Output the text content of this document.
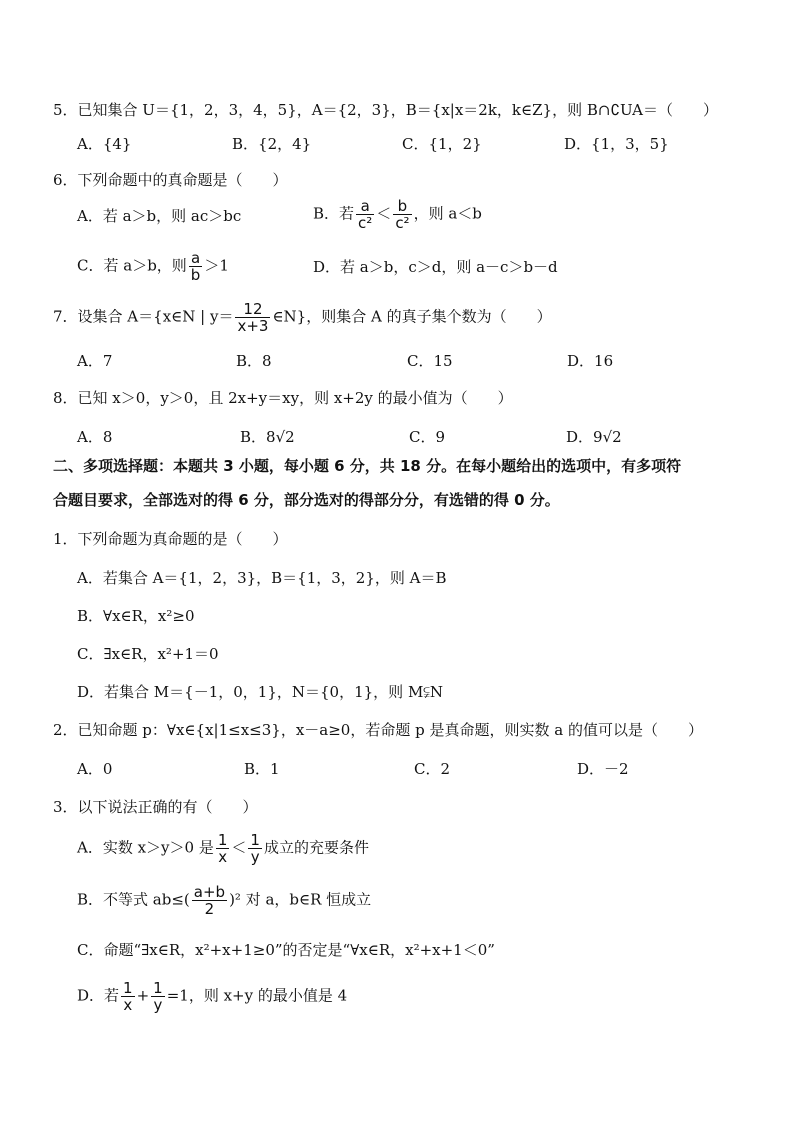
5．已知集合 U＝{1，2，3，4，5}，A＝{2，3}，B＝{x|x＝2k，k∈Z}，则 B∩∁UA＝（　　）
A．{4}	B．{2，4}	C．{1，2}	D．{1，3，5}
6．下列命题中的真命题是（　　）
A．若 a＞b，则 ac＞bc	B．若 $\frac{a}{\text{c²}} < \frac{b}{\text{c²}}$ ，则 a＜b
C．若 a＞b，则 $\frac{a}{b} >1$	D．若 a＞b，c＞d，则 a－c＞b－d
7．设集合 A＝{x∈N | $y= \frac{12}{x+3}$ ∈N}，则集合 A 的真子集个数为（　　）
A．7	B．8	C．15	D．16
8．已知 x＞0，y＞0，且 2x+y＝xy，则 x+2y 的最小值为（　　）
A．8	B．8√2	C．9	D．9√2
二、多项选择题：本题共 3 小题，每小题 6 分，共 18 分。在每小题给出的选项中，有多项符
合题目要求，全部选对的得 6 分，部分选对的得部分分，有选错的得 0 分。
1．下列命题为真命题的是（　　）
A．若集合 A＝{1，2，3}，B＝{1，3，2}，则 A＝B
B．∀x∈R，x²≥0
C．∃x∈R，x²+1＝0
D．若集合 M＝{－1，0，1}，N＝{0，1}，则 M⫋N
2．已知命题 p：∀x∈{x|1≤x≤3}，x－a≥0，若命题 p 是真命题，则实数 a 的值可以是（　　）
A．0	B．1	C．2	D．－2
3．以下说法正确的有（　　）
A．实数 x＞y＞0 是 $\frac{1}{x} < \frac{1}{y}$ 成立的充要条件
B．不等式 $ab\le( \frac{a+b}{2} )^2$ 对 a，b∈R 恒成立
C．命题“∃x∈R，x²+x+1≥0”的否定是“∀x∈R，x²+x+1＜0”
D．若 $\frac{1}{x} + \frac{1}{y} =1$，则 x+y 的最小值是 4
